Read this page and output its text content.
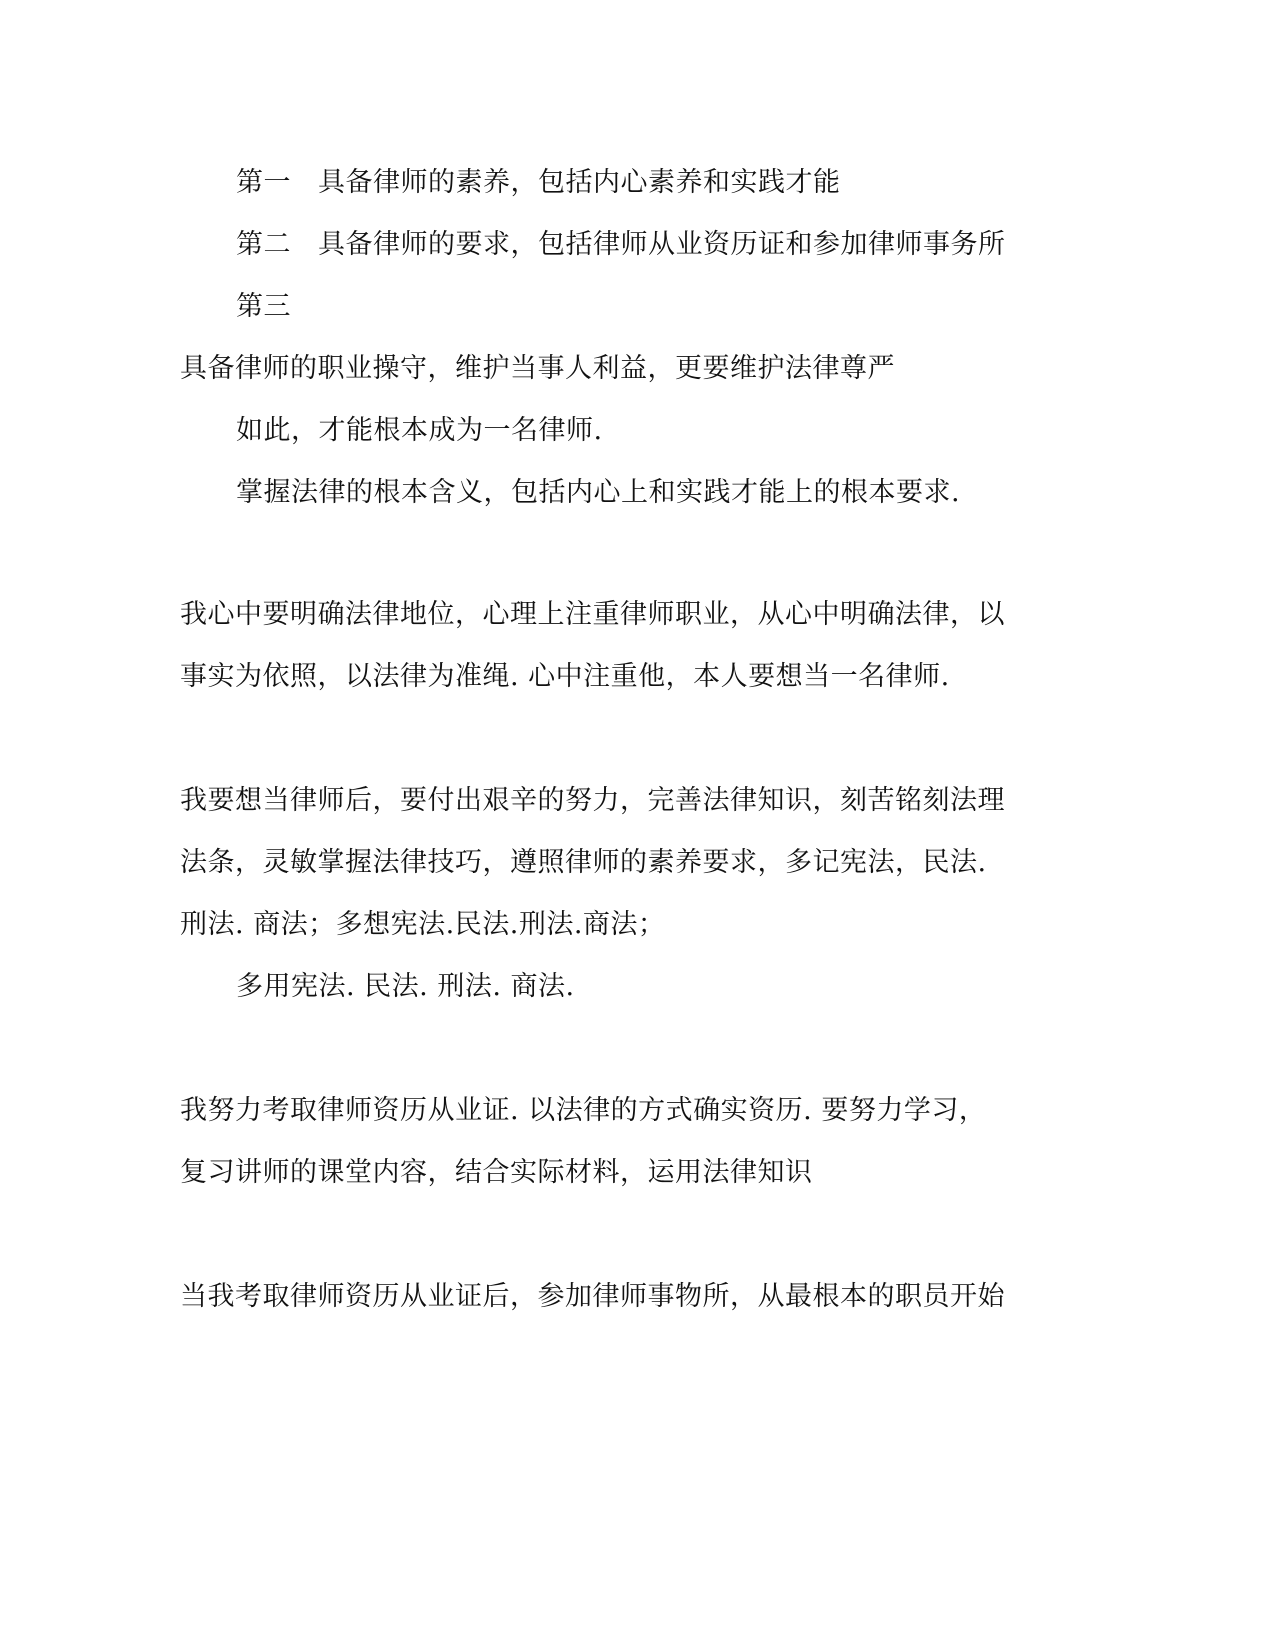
第一 具备律师的素养，包括内心素养和实践才能
第二 具备律师的要求，包括律师从业资历证和参加律师事务所
第三
具备律师的职业操守，维护当事人利益，更要维护法律尊严
如此，才能根本成为一名律师.
掌握法律的根本含义，包括内心上和实践才能上的根本要求.
我心中要明确法律地位，心理上注重律师职业，从心中明确法律，以
事实为依照，以法律为准绳. 心中注重他，本人要想当一名律师.
我要想当律师后，要付出艰辛的努力，完善法律知识，刻苦铭刻法理
法条，灵敏掌握法律技巧，遵照律师的素养要求，多记宪法，民法.
刑法. 商法；多想宪法.民法.刑法.商法；
多用宪法. 民法. 刑法. 商法.
我努力考取律师资历从业证. 以法律的方式确实资历. 要努力学习，
复习讲师的课堂内容，结合实际材料，运用法律知识
当我考取律师资历从业证后，参加律师事物所，从最根本的职员开始
